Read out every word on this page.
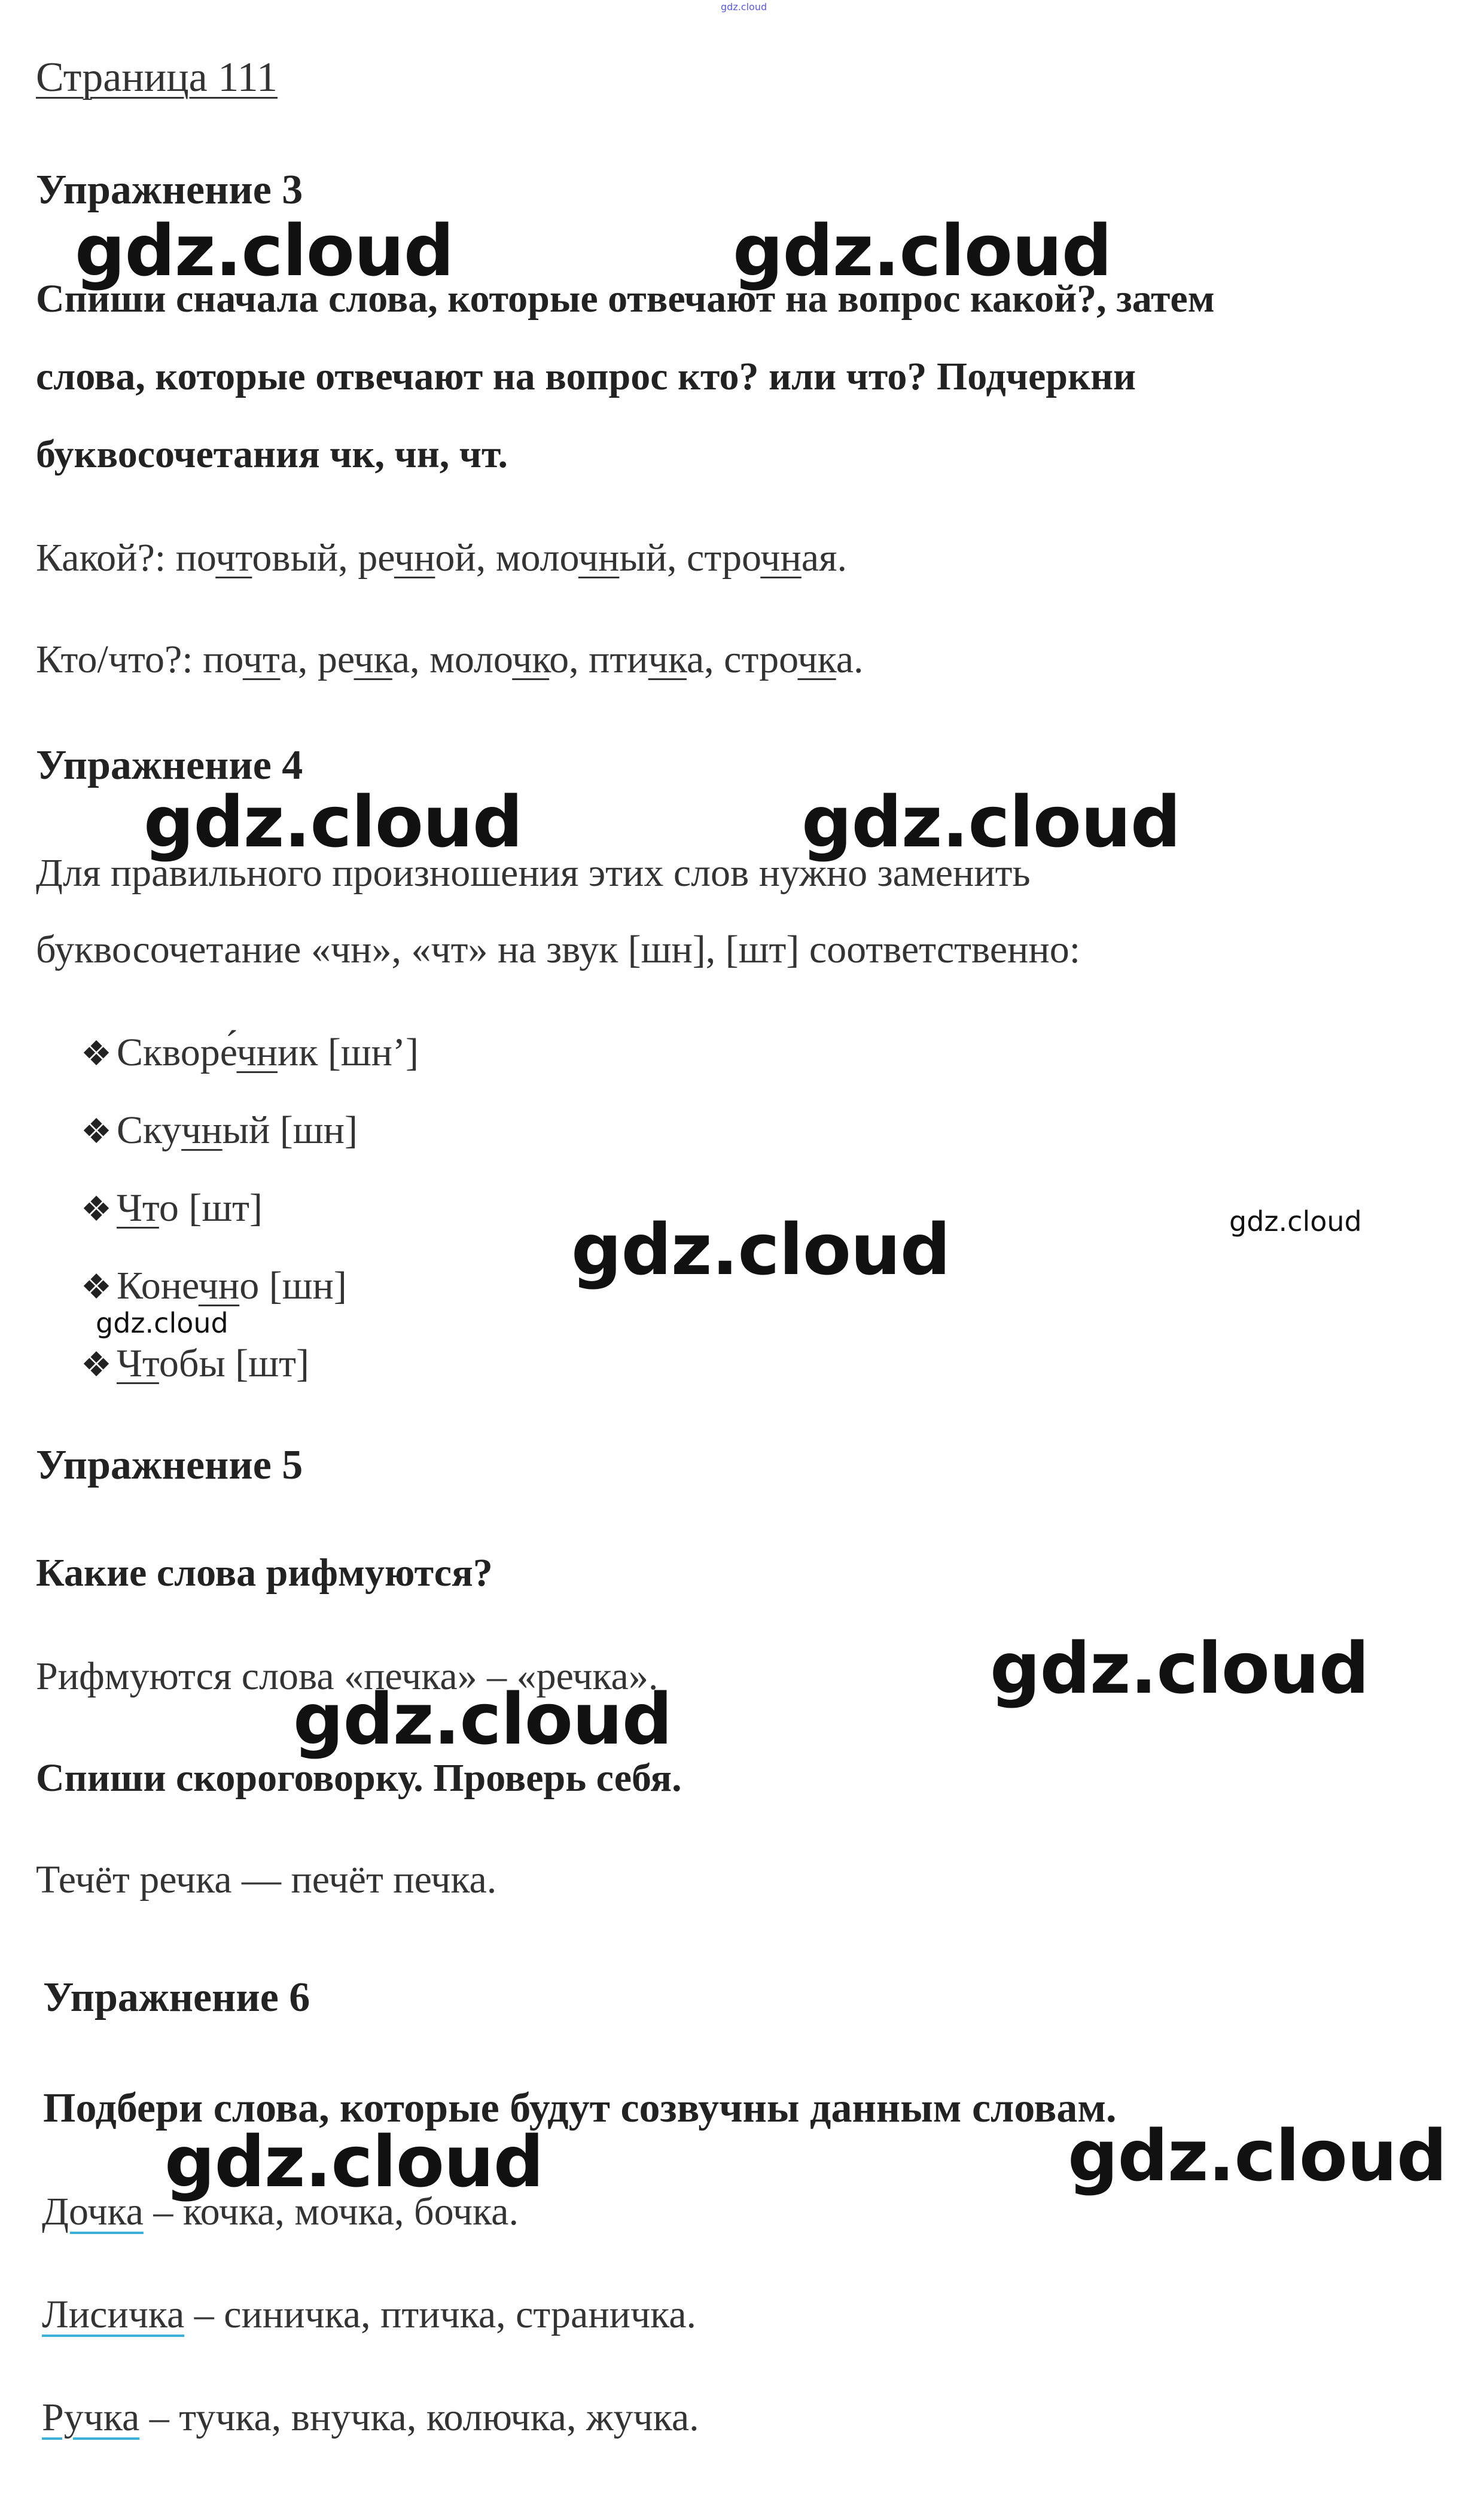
gdz.cloud
Страница 111
Упражнение 3
Спиши сначала слова, которые отвечают на вопрос какой?, затем
слова, которые отвечают на вопрос кто? или что? Подчеркни
буквосочетания чк, чн, чт.
Какой?: почтовый, речной, молочный, строчная.
Кто/что?: почта, речка, молочко, птичка, строчка.
Упражнение 4
Для правильного произношения этих слов нужно заменить
буквосочетание «чн», «чт» на звук [шн], [шт] соответственно:
❖ Скворе́чник [шн’]
❖ Скучный [шн]
❖ Что [шт]
❖ Конечно [шн]
❖ Чтобы [шт]
Упражнение 5
Какие слова рифмуются?
Рифмуются слова «печка» – «речка».
Спиши скороговорку. Проверь себя.
Течёт речка — печёт печка.
Упражнение 6
Подбери слова, которые будут созвучны данным словам.
Дочка – кочка, мочка, бочка.
Лисичка – синичка, птичка, страничка.
Ручка – тучка, внучка, колючка, жучка.
gdz.cloud	gdz.cloud
gdz.cloud	gdz.cloud
gdz.cloud	gdz.cloud
gdz.cloud
gdz.cloud
gdz.cloud
gdz.cloud
gdz.cloud
